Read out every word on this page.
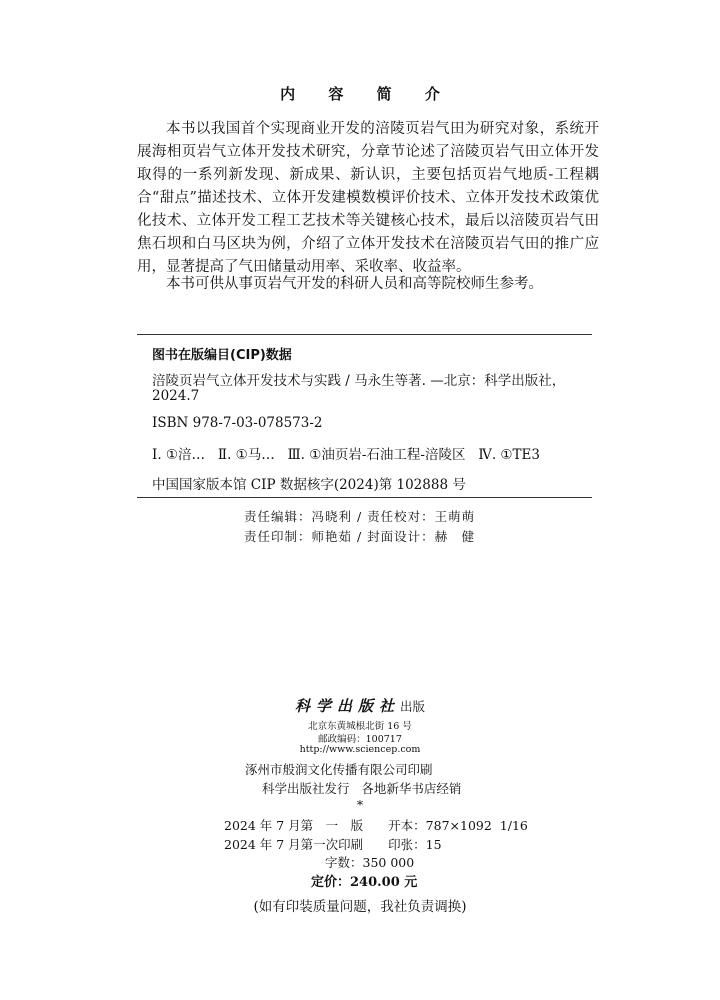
内 容 简 介
本书以我国首个实现商业开发的涪陵页岩气田为研究对象，系统开展海相页岩气立体开发技术研究，分章节论述了涪陵页岩气田立体开发取得的一系列新发现、新成果、新认识，主要包括页岩气地质-工程耦合“甜点”描述技术、立体开发建模数模评价技术、立体开发技术政策优化技术、立体开发工程工艺技术等关键核心技术，最后以涪陵页岩气田焦石坝和白马区块为例，介绍了立体开发技术在涪陵页岩气田的推广应用，显著提高了气田储量动用率、采收率、收益率。
本书可供从事页岩气开发的科研人员和高等院校师生参考。
图书在版编目(CIP)数据
涪陵页岩气立体开发技术与实践 / 马永生等著. —北京：科学出版社，
2024.7
ISBN 978-7-03-078573-2
Ⅰ. ①涪…   Ⅱ. ①马…   Ⅲ. ①油页岩-石油工程-涪陵区   Ⅳ. ①TE3
中国国家版本馆 CIP 数据核字(2024)第 102888 号
责任编辑：冯晓利 / 责任校对：王萌萌
责任印制：师艳茹 / 封面设计：赫　健
科学出版社出版
北京东黄城根北街 16 号
邮政编码：100717
http://www.sciencep.com
涿州市般润文化传播有限公司印刷
科学出版社发行   各地新华书店经销
*
2024 年 7 月第　一　版　　开本：787×1092  1/16
2024 年 7 月第一次印刷　　印张：15
字数：350 000
定价：240.00 元
(如有印装质量问题，我社负责调换)
